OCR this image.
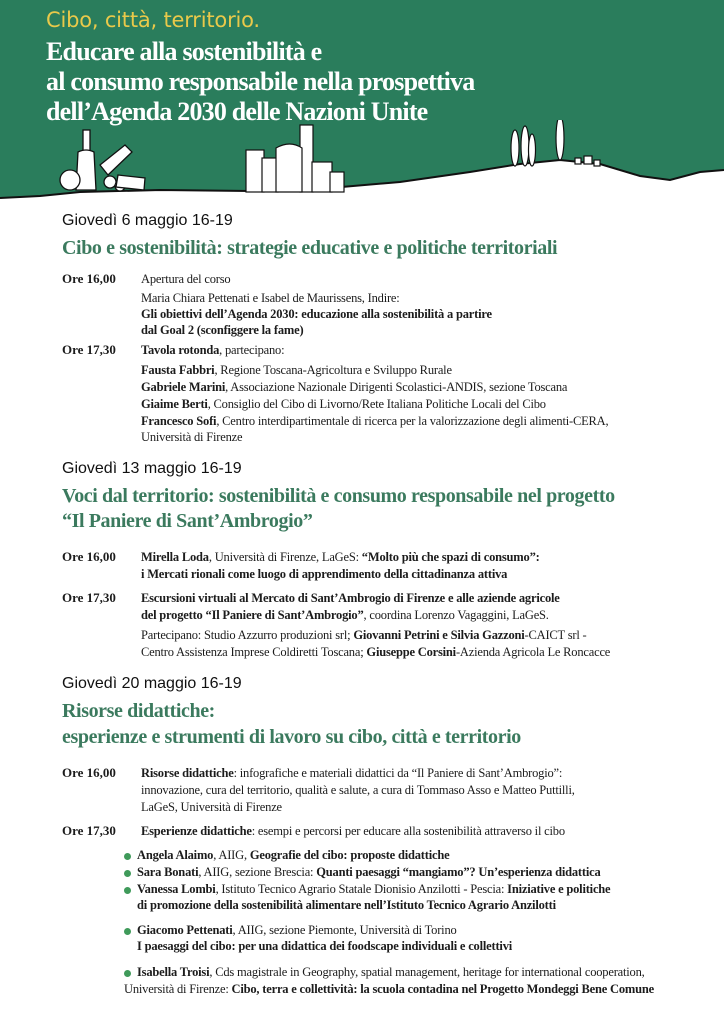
Cibo, città, territorio.
Educare alla sostenibilità e
al consumo responsabile nella prospettiva
dell’Agenda 2030 delle Nazioni Unite
Giovedì 6 maggio 16-19
Cibo e sostenibilità: strategie educative e politiche territoriali
Ore 16,00 Apertura del corso
Maria Chiara Pettenati e Isabel de Maurissens, Indire:
Gli obiettivi dell’Agenda 2030: educazione alla sostenibilità a partire
dal Goal 2 (sconfiggere la fame)
Ore 17,30 Tavola rotonda, partecipano:
Fausta Fabbri, Regione Toscana-Agricoltura e Sviluppo Rurale
Gabriele Marini, Associazione Nazionale Dirigenti Scolastici-ANDIS, sezione Toscana
Giaime Berti, Consiglio del Cibo di Livorno/Rete Italiana Politiche Locali del Cibo
Francesco Sofi, Centro interdipartimentale di ricerca per la valorizzazione degli alimenti-CERA,
Università di Firenze
Giovedì 13 maggio 16-19
Voci dal territorio: sostenibilità e consumo responsabile nel progetto
“Il Paniere di Sant’Ambrogio”
Ore 16,00 Mirella Loda, Università di Firenze, LaGeS: “Molto più che spazi di consumo”:
i Mercati rionali come luogo di apprendimento della cittadinanza attiva
Ore 17,30 Escursioni virtuali al Mercato di Sant’Ambrogio di Firenze e alle aziende agricole
del progetto “Il Paniere di Sant’Ambrogio”, coordina Lorenzo Vagaggini, LaGeS.
Partecipano: Studio Azzurro produzioni srl; Giovanni Petrini e Silvia Gazzoni-CAICT srl -
Centro Assistenza Imprese Coldiretti Toscana; Giuseppe Corsini-Azienda Agricola Le Roncacce
Giovedì 20 maggio 16-19
Risorse didattiche:
esperienze e strumenti di lavoro su cibo, città e territorio
Ore 16,00 Risorse didattiche: infografiche e materiali didattici da “Il Paniere di Sant’Ambrogio”:
innovazione, cura del territorio, qualità e salute, a cura di Tommaso Asso e Matteo Puttilli,
LaGeS, Università di Firenze
Ore 17,30 Esperienze didattiche: esempi e percorsi per educare alla sostenibilità attraverso il cibo
Angela Alaimo, AIIG, Geografie del cibo: proposte didattiche
Sara Bonati, AIIG, sezione Brescia: Quanti paesaggi “mangiamo”? Un’esperienza didattica
Vanessa Lombi, Istituto Tecnico Agrario Statale Dionisio Anzilotti - Pescia: Iniziative e politiche
di promozione della sostenibilità alimentare nell’Istituto Tecnico Agrario Anzilotti
Giacomo Pettenati, AIIG, sezione Piemonte, Università di Torino
I paesaggi del cibo: per una didattica dei foodscape individuali e collettivi
Isabella Troisi, Cds magistrale in Geography, spatial management, heritage for international cooperation,
Università di Firenze: Cibo, terra e collettività: la scuola contadina nel Progetto Mondeggi Bene Comune
